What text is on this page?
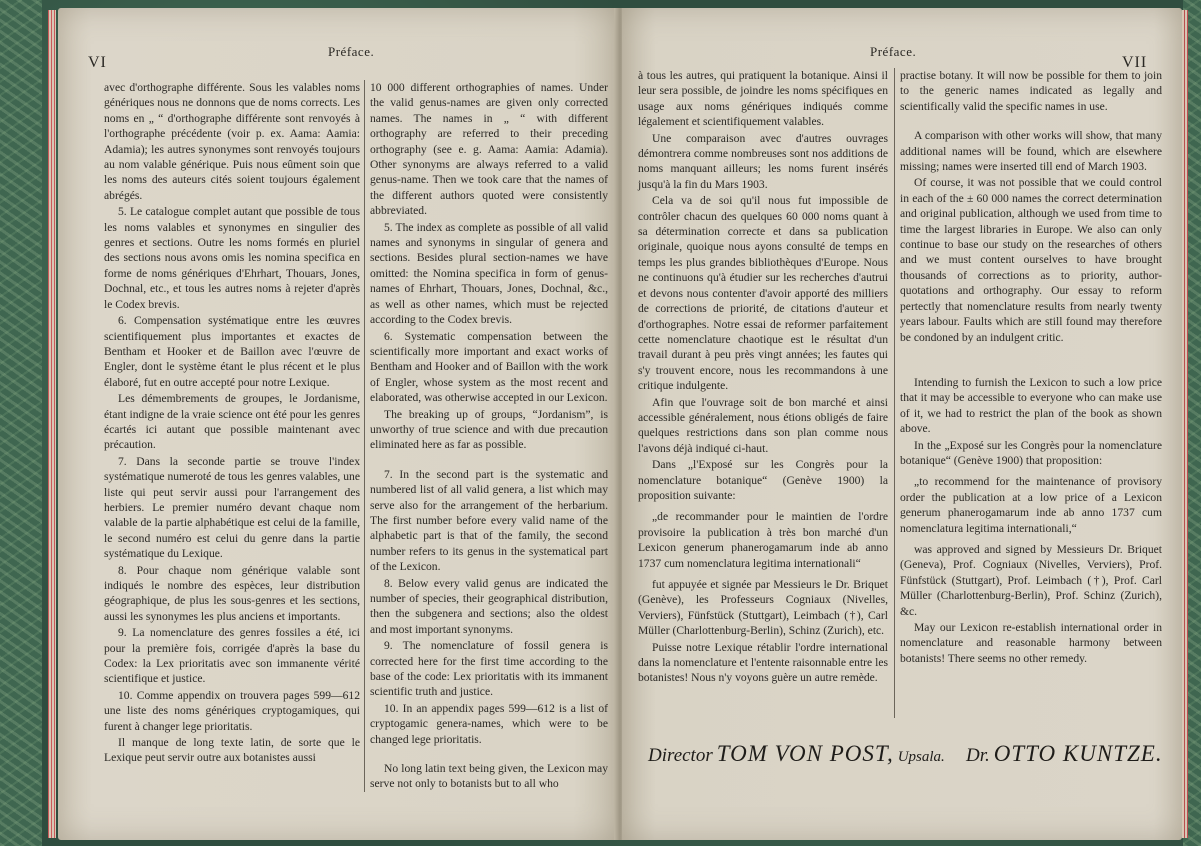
VI
Préface.

avec d'orthographe différente. Sous les valables noms génériques nous ne donnons que de noms corrects. Les noms en „ “ d'orthographe différente sont renvoyés à l'orthographe précédente (voir p. ex. Aama: Aamia: Adamia); les autres synonymes sont renvoyés toujours au nom valable générique. Puis nous eûment soin que les noms des auteurs cités soient toujours également abrégés.

5. Le catalogue complet autant que possible de tous les noms valables et synonymes en singulier des genres et sections. Outre les noms formés en pluriel des sections nous avons omis les nomina specifica en forme de noms génériques d'Ehrhart, Thouars, Jones, Dochnal, etc., et tous les autres noms à rejeter d'après le Codex brevis.

6. Compensation systématique entre les œuvres scientifiquement plus importantes et exactes de Bentham et Hooker et de Baillon avec l'œuvre de Engler, dont le système étant le plus récent et le plus élaboré, fut en outre accepté pour notre Lexique.

Les démembrements de groupes, le Jordanisme, étant indigne de la vraie science ont été pour les genres écartés ici autant que possible maintenant avec précaution.

7. Dans la seconde partie se trouve l'index systématique numeroté de tous les genres valables, une liste qui peut servir aussi pour l'arrangement des herbiers. Le premier numéro devant chaque nom valable de la partie alphabétique est celui de la famille, le second numéro est celui du genre dans la partie systématique du Lexique.

8. Pour chaque nom générique valable sont indiqués le nombre des espèces, leur distribution géographique, de plus les sous-genres et les sections, aussi les synonymes les plus anciens et importants.

9. La nomenclature des genres fossiles a été, ici pour la première fois, corrigée d'après la base du Codex: la Lex prioritatis avec son immanente vérité scientifique et justice.

10. Comme appendix on trouvera pages 599—612 une liste des noms génériques cryptogamiques, qui furent à changer lege prioritatis.

Il manque de long texte latin, de sorte que le Lexique peut servir outre aux botanistes aussi

10 000 different orthographies of names. Under the valid genus-names are given only corrected names. The names in „ “ with different orthography are referred to their preceding orthography (see e. g. Aama: Aamia: Adamia). Other synonyms are always referred to a valid genus-name. Then we took care that the names of the different authors quoted were consistently abbreviated.

5. The index as complete as possible of all valid names and synonyms in singular of genera and sections. Besides plural section-names we have omitted: the Nomina specifica in form of genus-names of Ehrhart, Thouars, Jones, Dochnal, &c., as well as other names, which must be rejected according to the Codex brevis.

6. Systematic compensation between the scientifically more important and exact works of Bentham and Hooker and of Baillon with the work of Engler, whose system as the most recent and elaborated, was otherwise accepted in our Lexicon.

The breaking up of groups, “Jordanism”, is unworthy of true science and with due precaution eliminated here as far as possible.

7. In the second part is the systematic and numbered list of all valid genera, a list which may serve also for the arrangement of the herbarium. The first number before every valid name of the alphabetic part is that of the family, the second number refers to its genus in the systematical part of the Lexicon.

8. Below every valid genus are indicated the number of species, their geographical distribution, then the subgenera and sections; also the oldest and most important synonyms.

9. The nomenclature of fossil genera is corrected here for the first time according to the base of the code: Lex prioritatis with its immanent scientific truth and justice.

10. In an appendix pages 599—612 is a list of cryptogamic genera-names, which were to be changed lege prioritatis.

No long latin text being given, the Lexicon may serve not only to botanists but to all who

Préface.
VII

à tous les autres, qui pratiquent la botanique. Ainsi il leur sera possible, de joindre les noms spécifiques en usage aux noms génériques indiqués comme légalement et scientifiquement valables.

Une comparaison avec d'autres ouvrages démontrera comme nombreuses sont nos additions de noms manquant ailleurs; les noms furent insérés jusqu'à la fin du Mars 1903.

Cela va de soi qu'il nous fut impossible de contrôler chacun des quelques 60 000 noms quant à sa détermination correcte et dans sa publication originale, quoique nous ayons consulté de temps en temps les plus grandes bibliothèques d'Europe. Nous ne continuons qu'à étudier sur les recherches d'autrui et devons nous contenter d'avoir apporté des milliers de corrections de priorité, de citations d'auteur et d'orthographes. Notre essai de reformer parfaitement cette nomenclature chaotique est le résultat d'un travail durant à peu près vingt années; les fautes qui s'y trouvent encore, nous les recommandons à une critique indulgente.

Afin que l'ouvrage soit de bon marché et ainsi accessible généralement, nous étions obligés de faire quelques restrictions dans son plan comme nous l'avons déjà indiqué ci-haut.

Dans „l'Exposé sur les Congrès pour la nomenclature botanique“ (Genève 1900) la proposition suivante:

„de recommander pour le maintien de l'ordre provisoire la publication à très bon marché d'un Lexicon generum phanerogamarum inde ab anno 1737 cum nomenclatura legitima internationali“

fut appuyée et signée par Messieurs le Dr. Briquet (Genève), les Professeurs Cogniaux (Nivelles, Verviers), Fünfstück (Stuttgart), Leimbach (†), Carl Müller (Charlottenburg-Berlin), Schinz (Zurich), etc.

Puisse notre Lexique rétablir l'ordre international dans la nomenclature et l'entente raisonnable entre les botanistes! Nous n'y voyons guère un autre remède.

practise botany. It will now be possible for them to join to the generic names indicated as legally and scientifically valid the specific names in use.

A comparison with other works will show, that many additional names will be found, which are elsewhere missing; names were inserted till end of March 1903.

Of course, it was not possible that we could control in each of the ± 60 000 names the correct determination and original publication, although we used from time to time the largest libraries in Europe. We also can only continue to base our study on the researches of others and we must content ourselves to have brought thousands of corrections as to priority, author-quotations and orthography. Our essay to reform pertectly that nomenclature results from nearly twenty years labour. Faults which are still found may therefore be condoned by an indulgent critic.

Intending to furnish the Lexicon to such a low price that it may be accessible to everyone who can make use of it, we had to restrict the plan of the book as shown above.

In the „Exposé sur les Congrès pour la nomenclature botanique“ (Genève 1900) that proposition:

„to recommend for the maintenance of provisory order the publication at a low price of a Lexicon generum phanerogamarum inde ab anno 1737 cum nomenclatura legitima internationali,“

was approved and signed by Messieurs Dr. Briquet (Geneva), Prof. Cogniaux (Nivelles, Verviers), Prof. Fünfstück (Stuttgart), Prof. Leimbach (†), Prof. Carl Müller (Charlottenburg-Berlin), Prof. Schinz (Zurich), &c.

May our Lexicon re-establish international order in nomenclature and reasonable harmony between botanists! There seems no other remedy.

Director TOM VON POST, Upsala. Dr. OTTO KUNTZE.
